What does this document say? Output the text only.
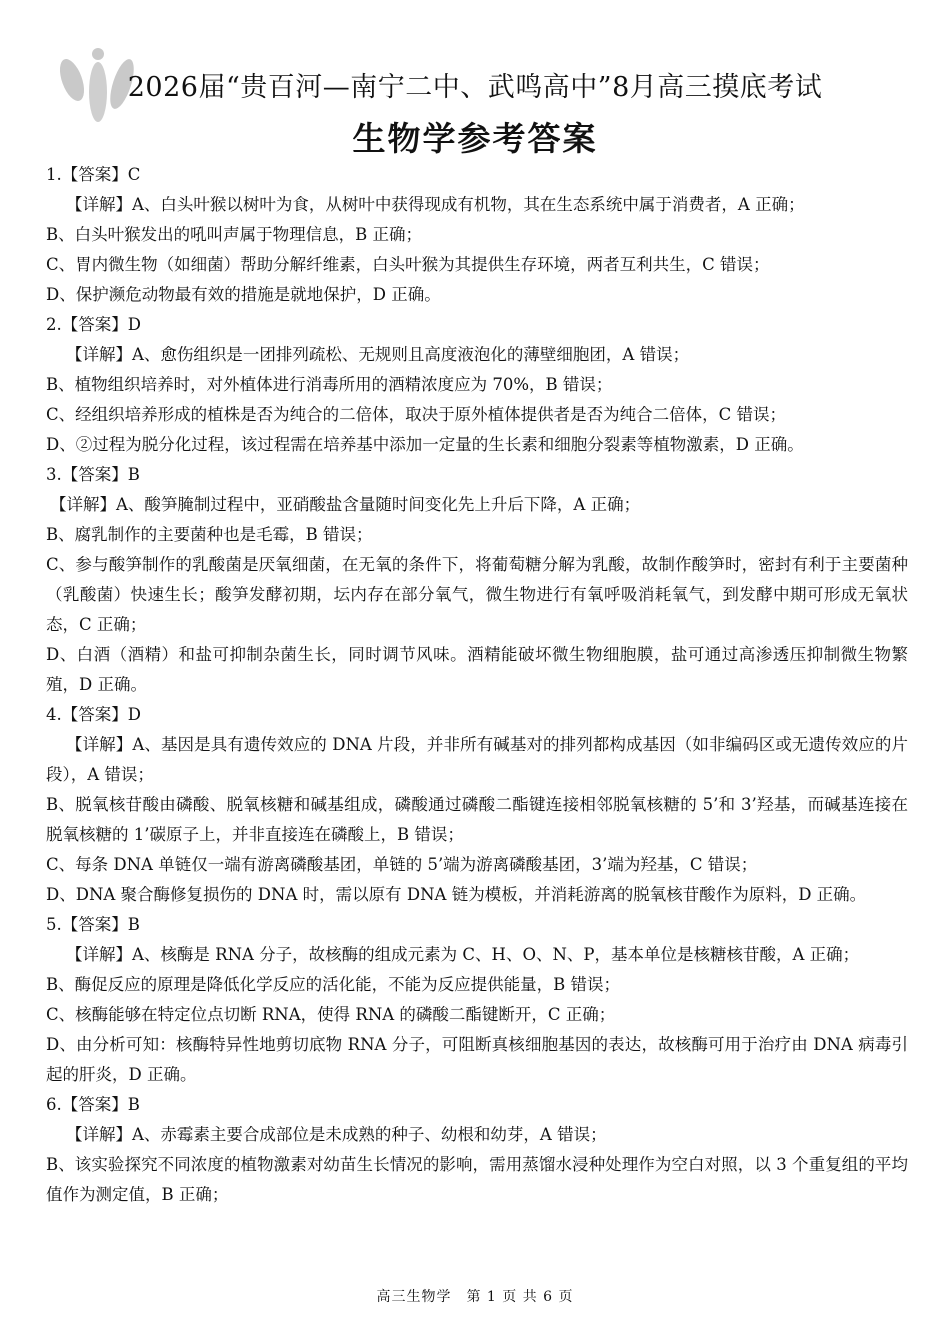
2026届“贵百河—南宁二中、武鸣高中”8月高三摸底考试
生物学参考答案

1.【答案】C

【详解】A、白头叶猴以树叶为食，从树叶中获得现成有机物，其在生态系统中属于消费者，A 正确；

B、白头叶猴发出的吼叫声属于物理信息，B 正确；

C、胃内微生物（如细菌）帮助分解纤维素，白头叶猴为其提供生存环境，两者互利共生，C 错误；

D、保护濒危动物最有效的措施是就地保护，D 正确。

2.【答案】D

【详解】A、愈伤组织是一团排列疏松、无规则且高度液泡化的薄壁细胞团，A 错误；

B、植物组织培养时，对外植体进行消毒所用的酒精浓度应为 70%，B 错误；

C、经组织培养形成的植株是否为纯合的二倍体，取决于原外植体提供者是否为纯合二倍体，C 错误；

D、②过程为脱分化过程，该过程需在培养基中添加一定量的生长素和细胞分裂素等植物激素，D 正确。

3.【答案】B

【详解】A、酸笋腌制过程中，亚硝酸盐含量随时间变化先上升后下降，A 正确；

B、腐乳制作的主要菌种也是毛霉，B 错误；

C、参与酸笋制作的乳酸菌是厌氧细菌，在无氧的条件下，将葡萄糖分解为乳酸，故制作酸笋时，密封有利于主要菌种（乳酸菌）快速生长；酸笋发酵初期，坛内存在部分氧气，微生物进行有氧呼吸消耗氧气，到发酵中期可形成无氧状态，C 正确；

D、白酒（酒精）和盐可抑制杂菌生长，同时调节风味。酒精能破坏微生物细胞膜，盐可通过高渗透压抑制微生物繁殖，D 正确。

4.【答案】D

【详解】A、基因是具有遗传效应的 DNA 片段，并非所有碱基对的排列都构成基因（如非编码区或无遗传效应的片段），A 错误；

B、脱氧核苷酸由磷酸、脱氧核糖和碱基组成，磷酸通过磷酸二酯键连接相邻脱氧核糖的 5’和 3’羟基，而碱基连接在脱氧核糖的 1’碳原子上，并非直接连在磷酸上，B 错误；

C、每条 DNA 单链仅一端有游离磷酸基团，单链的 5’端为游离磷酸基团，3’端为羟基，C 错误；

D、DNA 聚合酶修复损伤的 DNA 时，需以原有 DNA 链为模板，并消耗游离的脱氧核苷酸作为原料，D 正确。

5.【答案】B

【详解】A、核酶是 RNA 分子，故核酶的组成元素为 C、H、O、N、P，基本单位是核糖核苷酸，A 正确；

B、酶促反应的原理是降低化学反应的活化能，不能为反应提供能量，B 错误；

C、核酶能够在特定位点切断 RNA，使得 RNA 的磷酸二酯键断开，C 正确；

D、由分析可知：核酶特异性地剪切底物 RNA 分子，可阻断真核细胞基因的表达，故核酶可用于治疗由 DNA 病毒引起的肝炎，D 正确。

6.【答案】B

【详解】A、赤霉素主要合成部位是未成熟的种子、幼根和幼芽，A 错误；

B、该实验探究不同浓度的植物激素对幼苗生长情况的影响，需用蒸馏水浸种处理作为空白对照，以 3 个重复组的平均值作为测定值，B 正确；

高三生物学　第 1 页 共 6 页
